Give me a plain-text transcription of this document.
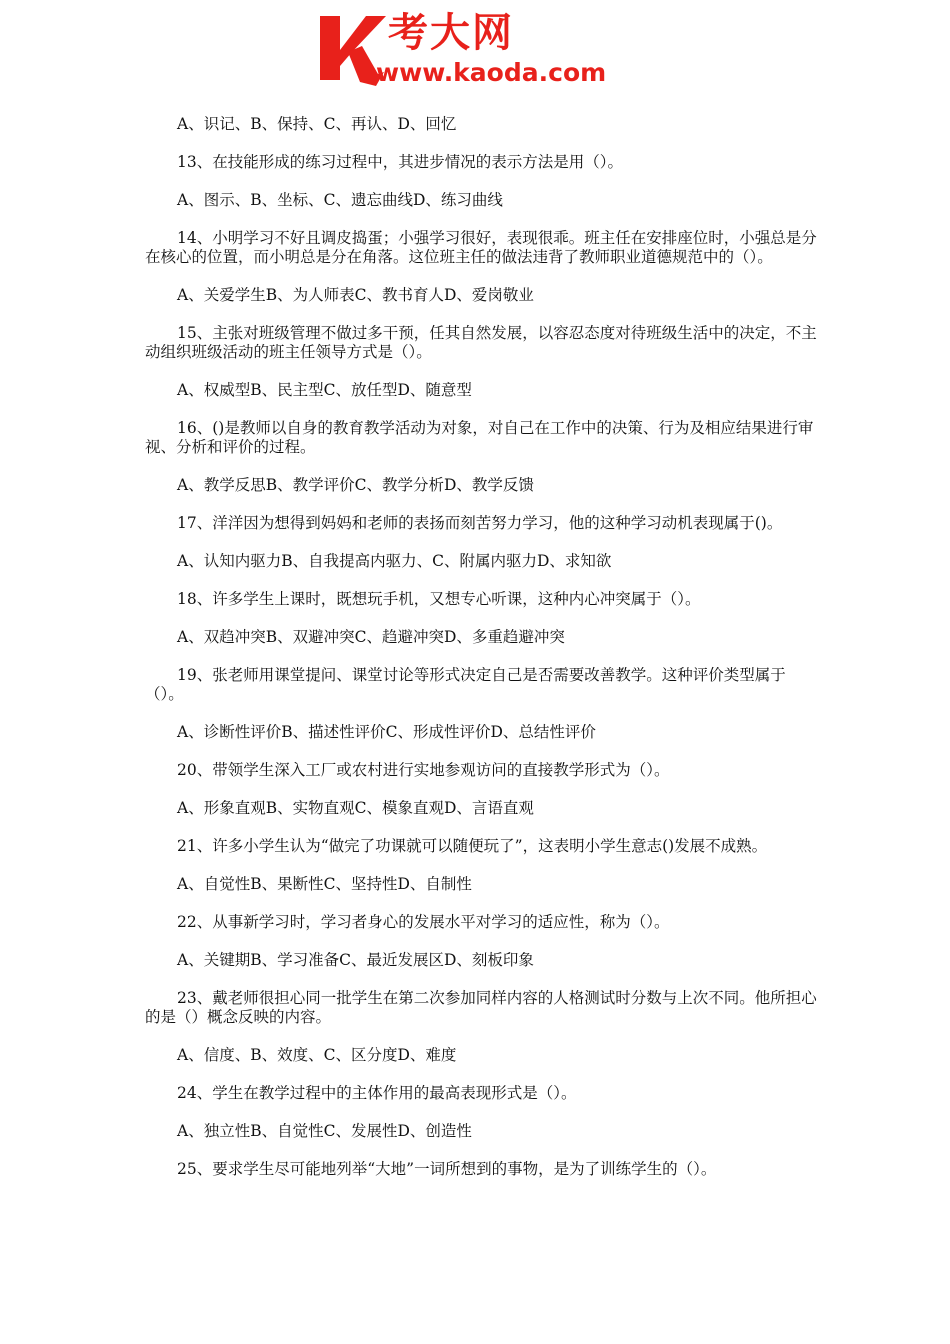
考大网
www.kaoda.com

A、识记、B、保持、C、再认、D、回忆

13、在技能形成的练习过程中，其进步情况的表示方法是用（）。

A、图示、B、坐标、C、遗忘曲线D、练习曲线

14、小明学习不好且调皮捣蛋；小强学习很好，表现很乖。班主任在安排座位时，小强总是分在核心的位置，而小明总是分在角落。这位班主任的做法违背了教师职业道德规范中的（）。

A、关爱学生B、为人师表C、教书育人D、爱岗敬业

15、主张对班级管理不做过多干预，任其自然发展，以容忍态度对待班级生活中的决定，不主动组织班级活动的班主任领导方式是（）。

A、权威型B、民主型C、放任型D、随意型

16、()是教师以自身的教育教学活动为对象，对自己在工作中的决策、行为及相应结果进行审视、分析和评价的过程。

A、教学反思B、教学评价C、教学分析D、教学反馈

17、洋洋因为想得到妈妈和老师的表扬而刻苦努力学习，他的这种学习动机表现属于()。

A、认知内驱力B、自我提高内驱力、C、附属内驱力D、求知欲

18、许多学生上课时，既想玩手机，又想专心听课，这种内心冲突属于（）。

A、双趋冲突B、双避冲突C、趋避冲突D、多重趋避冲突

19、张老师用课堂提问、课堂讨论等形式决定自己是否需要改善教学。这种评价类型属于（）。

A、诊断性评价B、描述性评价C、形成性评价D、总结性评价

20、带领学生深入工厂或农村进行实地参观访问的直接教学形式为（）。

A、形象直观B、实物直观C、模象直观D、言语直观

21、许多小学生认为“做完了功课就可以随便玩了”，这表明小学生意志()发展不成熟。

A、自觉性B、果断性C、坚持性D、自制性

22、从事新学习时，学习者身心的发展水平对学习的适应性，称为（）。

A、关键期B、学习准备C、最近发展区D、刻板印象

23、戴老师很担心同一批学生在第二次参加同样内容的人格测试时分数与上次不同。他所担心的是（）概念反映的内容。

A、信度、B、效度、C、区分度D、难度

24、学生在教学过程中的主体作用的最高表现形式是（）。

A、独立性B、自觉性C、发展性D、创造性

25、要求学生尽可能地列举“大地”一词所想到的事物，是为了训练学生的（）。
